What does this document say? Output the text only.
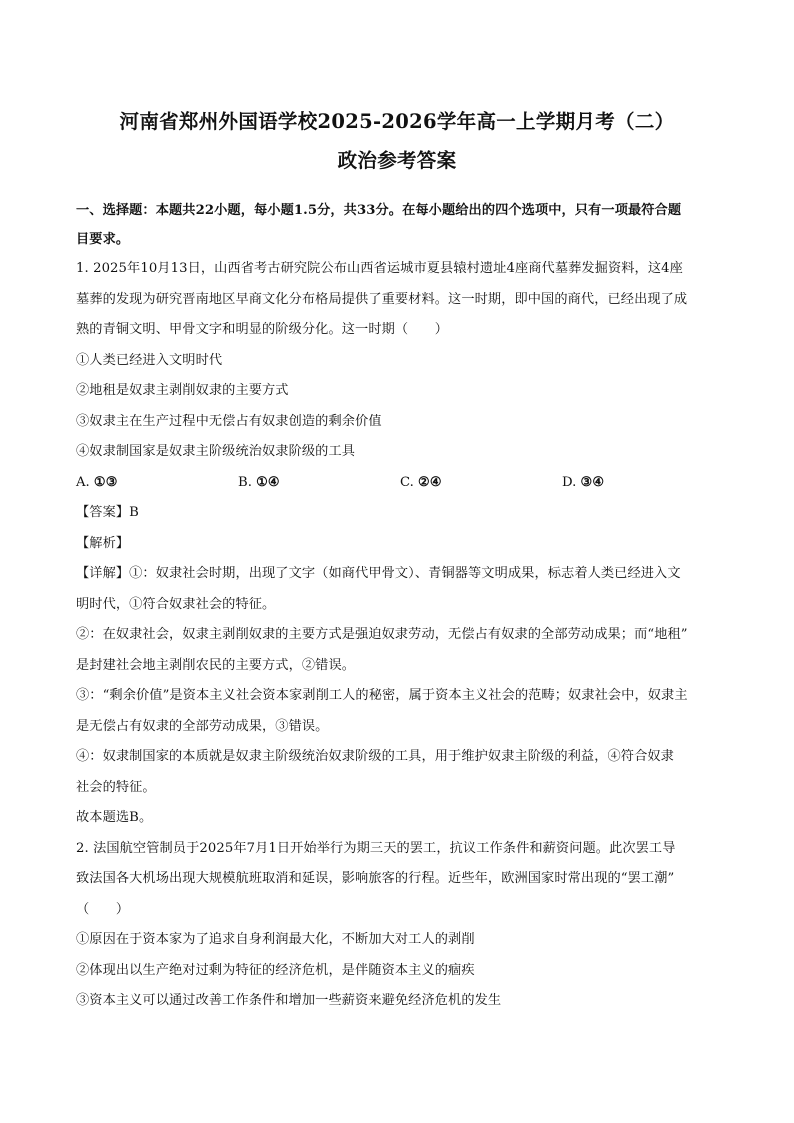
河南省郑州外国语学校2025-2026学年高一上学期月考（二）
政治参考答案

一、选择题：本题共22小题，每小题1.5分，共33分。在每小题给出的四个选项中，只有一项最符合题

目要求。

1. 2025年10月13日，山西省考古研究院公布山西省运城市夏县辕村遗址4座商代墓葬发掘资料，这4座

墓葬的发现为研究晋南地区早商文化分布格局提供了重要材料。这一时期，即中国的商代，已经出现了成

熟的青铜文明、甲骨文字和明显的阶级分化。这一时期（　　）

①人类已经进入文明时代

②地租是奴隶主剥削奴隶的主要方式

③奴隶主在生产过程中无偿占有奴隶创造的剩余价值

④奴隶制国家是奴隶主阶级统治奴隶阶级的工具

A. ①③	B. ①④	C. ②④	D. ③④

【答案】B

【解析】

【详解】①：奴隶社会时期，出现了文字（如商代甲骨文）、青铜器等文明成果，标志着人类已经进入文

明时代，①符合奴隶社会的特征。

②：在奴隶社会，奴隶主剥削奴隶的主要方式是强迫奴隶劳动，无偿占有奴隶的全部劳动成果；而“地租”

是封建社会地主剥削农民的主要方式，②错误。

③：“剩余价值”是资本主义社会资本家剥削工人的秘密，属于资本主义社会的范畴；奴隶社会中，奴隶主

是无偿占有奴隶的全部劳动成果，③错误。

④：奴隶制国家的本质就是奴隶主阶级统治奴隶阶级的工具，用于维护奴隶主阶级的利益，④符合奴隶

社会的特征。

故本题选B。

2. 法国航空管制员于2025年7月1日开始举行为期三天的罢工，抗议工作条件和薪资问题。此次罢工导

致法国各大机场出现大规模航班取消和延误，影响旅客的行程。近些年，欧洲国家时常出现的“罢工潮”

（　　）

①原因在于资本家为了追求自身利润最大化，不断加大对工人的剥削

②体现出以生产绝对过剩为特征的经济危机，是伴随资本主义的痼疾

③资本主义可以通过改善工作条件和增加一些薪资来避免经济危机的发生
